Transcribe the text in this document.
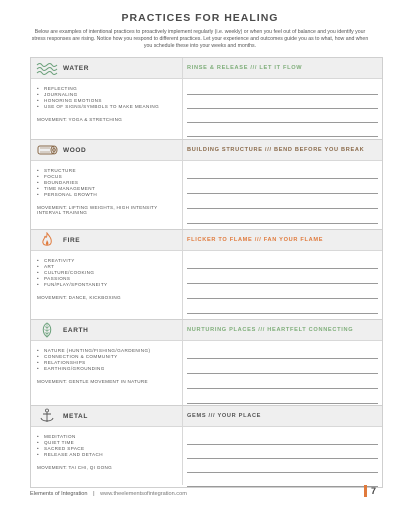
PRACTICES FOR HEALING
Below are examples of intentional practices to proactively implement regularly (i.e. weekly) or when you feel out of balance and you identify your stress responses are rising. Notice how you respond to different practices. Let your experience and outcomes guide you as to what, how and when you schedule these into your weeks and months.
WATER	RINSE & RELEASE /// LET IT FLOW
• REFLECTING
• JOURNALING
• HONORING EMOTIONS
• USE OF SIGNS/SYMBOLS TO MAKE MEANING
MOVEMENT: YOGA & STRETCHING
WOOD	BUILDING STRUCTURE /// BEND BEFORE YOU BREAK
• STRUCTURE
• FOCUS
• BOUNDARIES
• TIME MANAGEMENT
• PERSONAL GROWTH
MOVEMENT: LIFTING WEIGHTS, HIGH INTENSITY INTERVAL TRAINING
FIRE	FLICKER TO FLAME /// FAN YOUR FLAME
• CREATIVITY
• ART
• CULTURE/COOKING
• PASSIONS
• FUN/PLAY/SPONTANEITY
MOVEMENT: DANCE, KICKBOXING
EARTH	NURTURING PLACES /// HEARTFELT CONNECTING
• NATURE (HUNTING/FISHING/GARDENING)
• CONNECTION & COMMUNITY
• RELATIONSHIPS
• EARTHING/GROUNDING
MOVEMENT: GENTLE MOVEMENT IN NATURE
METAL	GEMS /// YOUR PLACE
• MEDITATION
• QUIET TIME
• SACRED SPACE
• RELEASE AND DETACH
MOVEMENT: TAI CHI, QI GONG
Elements of Integration | www.theelementsofintegration.com	7
